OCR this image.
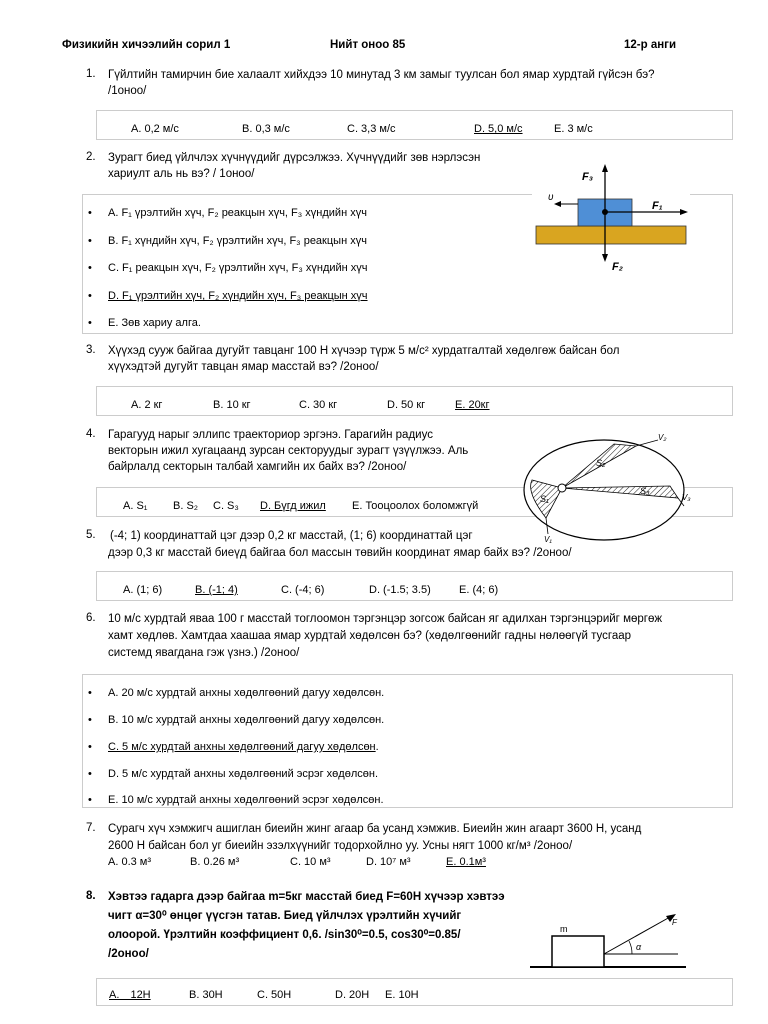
Физикийн хичээлийн сорил 1	Нийт оноо 85	12-р анги
1. Гүйлтийн тамирчин бие халаалт хийхдээ 10 минутад 3 км замыг туулсан бол ямар хурдтай гүйсэн бэ?
/1оноо/
A. 0,2 м/с	B. 0,3 м/с	C. 3,3 м/с	D. 5,0 м/с	E. 3 м/с
2. Зурагт биед үйлчлэх хүчнүүдийг дүрсэлжээ. Хүчнүүдийг зөв нэрлэсэн
хариулт аль нь вэ? / 1оноо/
• A. F₁ үрэлтийн хүч, F₂ реакцын хүч, F₃ хүндийн хүч
• B. F₁ хүндийн хүч, F₂ үрэлтийн хүч, F₃ реакцын хүч
• C. F₁ реакцын хүч, F₂ үрэлтийн хүч, F₃ хүндийн хүч
• D. F₁ үрэлтийн хүч, F₂ хүндийн хүч, F₃ реакцын хүч
• E. Зөв хариу алга.
F₃
F₂
F₁
υ
3. Хүүхэд сууж байгаа дугуйт тавцанг 100 Н хүчээр түрж 5 м/с² хурдатгалтай хөдөлгөж байсан бол
хүүхэдтэй дугуйт тавцан ямар масстай вэ? /2оноо/
A. 2 кг	B. 10 кг	C. 30 кг	D. 50 кг	E. 20кг
4. Гарагууд нарыг эллипс траекториор эргэнэ. Гарагийн радиус
векторын ижил хугацаанд зурсан секторуудыг зурагт үзүүлжээ. Аль
байрлалд секторын талбай хамгийн их байх вэ? /2оноо/
A. S₁ B. S₂ C. S₃ D. Бүгд ижил E. Тооцоолох боломжгүй
S₁
S₂
S₃
V₁
V₂
V₃
5. (-4; 1) координаттай цэг дээр 0,2 кг масстай, (1; 6) координаттай цэг
дээр 0,3 кг масстай биеүд байгаа бол массын төвийн координат ямар байх вэ? /2оноо/
A. (1; 6)	B. (-1; 4)	C. (-4; 6)	D. (-1.5; 3.5)	E. (4; 6)
6. 10 м/с хурдтай яваа 100 г масстай тоглоомон тэргэнцэр зогсож байсан яг адилхан тэргэнцэрийг мөргөж
хамт хөдлөв. Хамтдаа хаашаа ямар хурдтай хөдөлсөн бэ? (хөдөлгөөнийг гадны нөлөөгүй тусгаар
системд явагдана гэж үзнэ.) /2оноо/
• A. 20 м/с хурдтай анхны хөдөлгөөний дагуу хөдөлсөн.
• B. 10 м/с хурдтай анхны хөдөлгөөний дагуу хөдөлсөн.
• C. 5 м/с хурдтай анхны хөдөлгөөний дагуу хөдөлсөн.
• D. 5 м/с хурдтай анхны хөдөлгөөний эсрэг хөдөлсөн.
• E. 10 м/с хурдтай анхны хөдөлгөөний эсрэг хөдөлсөн.
7. Сурагч хүч хэмжигч ашиглан биеийн жинг агаар ба усанд хэмжив. Биеийн жин агаарт 3600 Н, усанд
2600 Н байсан бол уг биеийн эзэлхүүнийг тодорхойлно уу. Усны нягт 1000 кг/м³ /2оноо/
A. 0.3 м³	B. 0.26 м³	C. 10 м³	D. 10⁷ м³	E. 0.1м³
8. Хэвтээ гадарга дээр байгаа m=5кг масстай биед F=60Н хүчээр хэвтээ
чигт α=30⁰ өнцөг үүсгэн татав. Биед үйлчлэх үрэлтийн хүчийг
олоорой. Үрэлтийн коэффициент 0,6. /sin30⁰=0.5, cos30⁰=0.85/
/2оноо/
m
F
α
A. 12Н	B. 30Н	C. 50Н	D. 20Н E. 10Н
